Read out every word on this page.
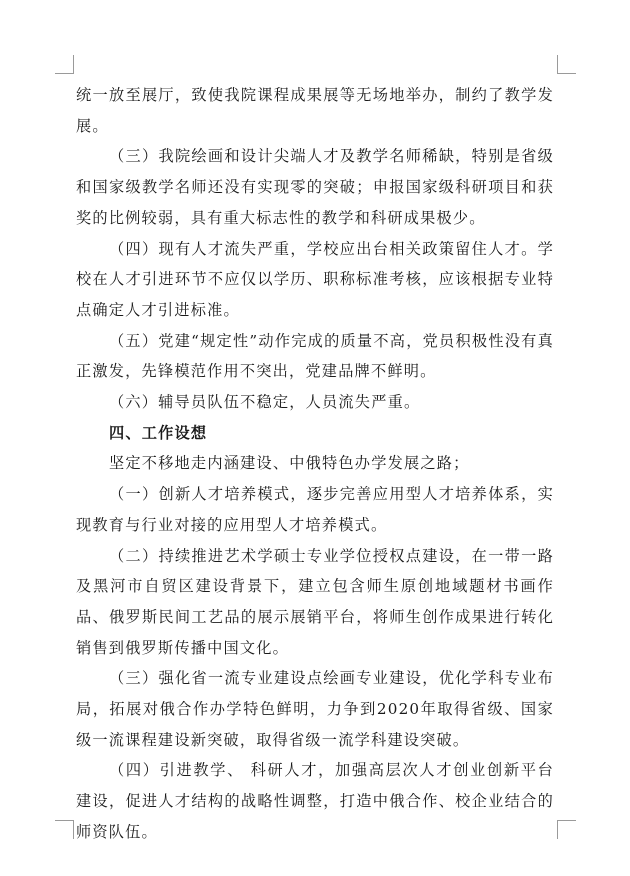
统一放至展厅，致使我院课程成果展等无场地举办，制约了教学发展。

（三）我院绘画和设计尖端人才及教学名师稀缺，特别是省级和国家级教学名师还没有实现零的突破；申报国家级科研项目和获奖的比例较弱，具有重大标志性的教学和科研成果极少。

（四）现有人才流失严重，学校应出台相关政策留住人才。学校在人才引进环节不应仅以学历、职称标准考核，应该根据专业特点确定人才引进标准。

（五）党建“规定性”动作完成的质量不高，党员积极性没有真正激发，先锋模范作用不突出，党建品牌不鲜明。

（六）辅导员队伍不稳定，人员流失严重。

四、工作设想

坚定不移地走内涵建设、中俄特色办学发展之路；

（一）创新人才培养模式，逐步完善应用型人才培养体系，实现教育与行业对接的应用型人才培养模式。

（二）持续推进艺术学硕士专业学位授权点建设，在一带一路及黑河市自贸区建设背景下，建立包含师生原创地域题材书画作品、俄罗斯民间工艺品的展示展销平台，将师生创作成果进行转化销售到俄罗斯传播中国文化。

（三）强化省一流专业建设点绘画专业建设，优化学科专业布局，拓展对俄合作办学特色鲜明，力争到2020年取得省级、国家级一流课程建设新突破，取得省级一流学科建设突破。

（四）引进教学、 科研人才，加强高层次人才创业创新平台建设，促进人才结构的战略性调整，打造中俄合作、校企业结合的师资队伍。
